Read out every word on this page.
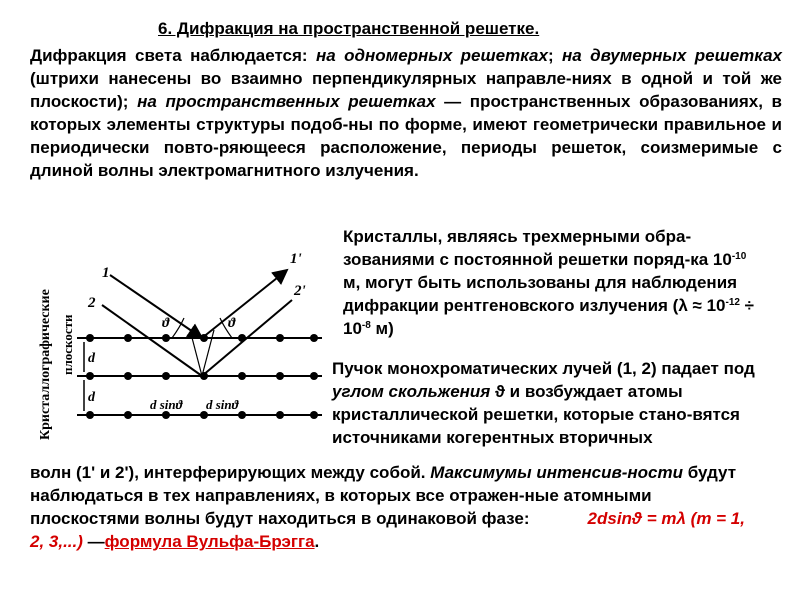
6. Дифракция на пространственной решетке.
Дифракция света наблюдается: на одномерных решетках; на двумерных решетках (штрихи нанесены во взаимно перпендикулярных направле-ниях в одной и той же плоскости); на пространственных решетках — пространственных образованиях, в которых элементы структуры подоб-ны по форме, имеют геометрически правильное и периодически повто-ряющееся расположение, периоды решеток, соизмеримые с длиной волны электромагнитного излучения.
Кристаллографические плоскости d
d
1
2
1'
2'
ϑ	ϑ
d sinϑ d sinϑ
Кристаллы, являясь трехмерными обра-зованиями с постоянной решетки поряд-ка $10^{-10}$ м, могут быть использованы для наблюдения дифракции рентгеновского излучения ($\lambda \approx 10^{-12} \div 10^{-8}$ м)
Пучок монохроматических лучей (1, 2) падает под углом скольжения ϑ и возбуждает атомы кристаллической решетки, которые стано-вятся источниками когерентных вторичных
волн (1' и 2'), интерферирующих между собой. Максимумы интенсив-ности будут наблюдаться в тех направлениях, в которых все отражен-ные атомными плоскостями волны будут находиться в одинаковой фазе:	2dsinϑ = mλ (m = 1, 2, 3,...) —формула Вульфа-Брэгга.
